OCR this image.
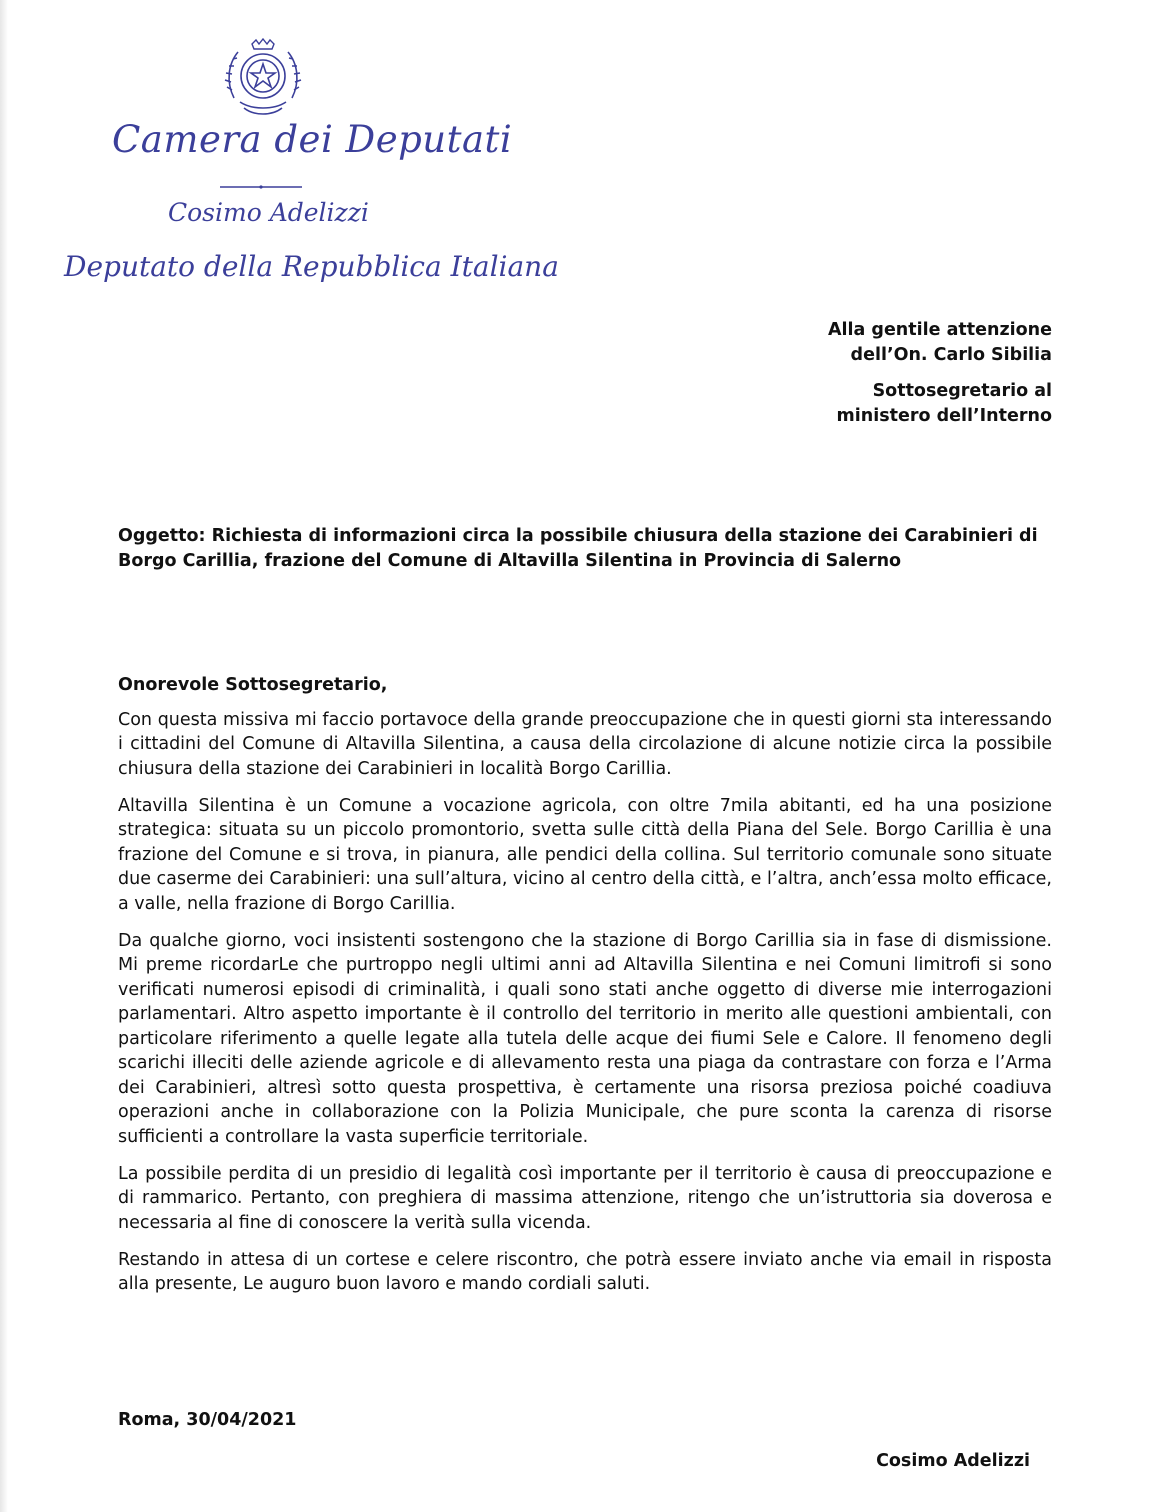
Camera dei Deputati
Cosimo Adelizzi
Deputato della Repubblica Italiana

Alla gentile attenzione

dell’On. Carlo Sibilia

Sottosegretario al

ministero dell’Interno

Oggetto: Richiesta di informazioni circa la possibile chiusura della stazione dei Carabinieri di

Borgo Carillia, frazione del Comune di Altavilla Silentina in Provincia di Salerno

Onorevole Sottosegretario,

Con questa missiva mi faccio portavoce della grande preoccupazione che in questi giorni sta interessando i cittadini del Comune di Altavilla Silentina, a causa della circolazione di alcune notizie circa la possibile chiusura della stazione dei Carabinieri in località Borgo Carillia.

Altavilla Silentina è un Comune a vocazione agricola, con oltre 7mila abitanti, ed ha una posizione strategica: situata su un piccolo promontorio, svetta sulle città della Piana del Sele. Borgo Carillia è una frazione del Comune e si trova, in pianura, alle pendici della collina. Sul territorio comunale sono situate due caserme dei Carabinieri: una sull’altura, vicino al centro della città, e l’altra, anch’essa molto efficace, a valle, nella frazione di Borgo Carillia.

Da qualche giorno, voci insistenti sostengono che la stazione di Borgo Carillia sia in fase di dismissione. Mi preme ricordarLe che purtroppo negli ultimi anni ad Altavilla Silentina e nei Comuni limitrofi si sono verificati numerosi episodi di criminalità, i quali sono stati anche oggetto di diverse mie interrogazioni parlamentari. Altro aspetto importante è il controllo del territorio in merito alle questioni ambientali, con particolare riferimento a quelle legate alla tutela delle acque dei fiumi Sele e Calore. Il fenomeno degli scarichi illeciti delle aziende agricole e di allevamento resta una piaga da contrastare con forza e l’Arma dei Carabinieri, altresì sotto questa prospettiva, è certamente una risorsa preziosa poiché coadiuva operazioni anche in collaborazione con la Polizia Municipale, che pure sconta la carenza di risorse sufficienti a controllare la vasta superficie territoriale.

La possibile perdita di un presidio di legalità così importante per il territorio è causa di preoccupazione e di rammarico. Pertanto, con preghiera di massima attenzione, ritengo che un’istruttoria sia doverosa e necessaria al fine di conoscere la verità sulla vicenda.

Restando in attesa di un cortese e celere riscontro, che potrà essere inviato anche via email in risposta alla presente, Le auguro buon lavoro e mando cordiali saluti.

Roma, 30/04/2021
Cosimo Adelizzi
